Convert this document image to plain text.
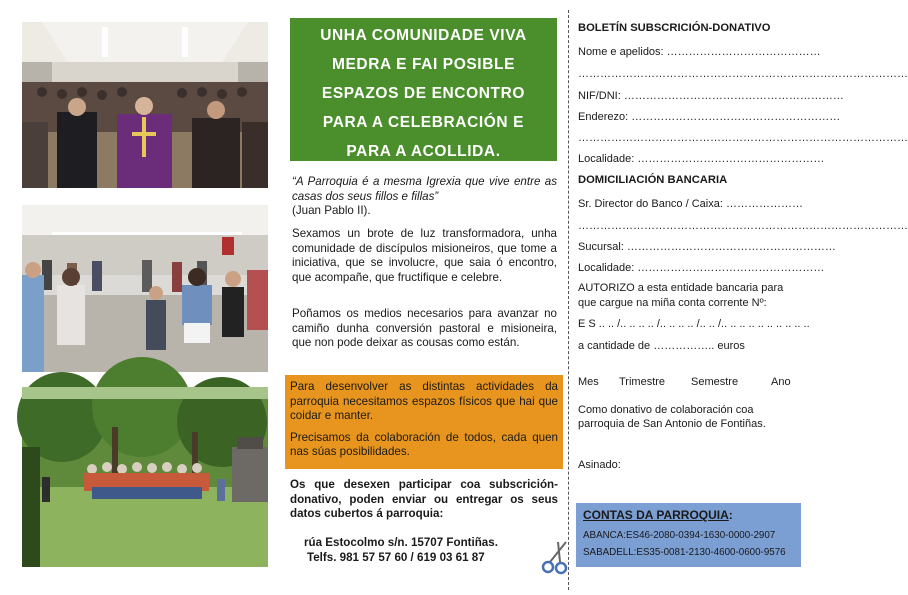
UNHA COMUNIDADE VIVA
MEDRA E FAI POSIBLE
ESPAZOS DE ENCONTRO
PARA A CELEBRACIÓN E
PARA A ACOLLIDA.

“A Parroquia é a mesma Igrexia que vive entre as casas dos seus fillos e fillas”

(Juan Pablo II).

Sexamos un brote de luz transformadora, unha comunidade de discípulos misioneiros, que tome a iniciativa, que se involucre, que saia ó encontro, que acompañe, que fructifique e celebre.

Poñamos os medios necesarios para avanzar no camiño dunha conversión pastoral e misioneira, que non pode deixar as cousas como están.

Para desenvolver as distintas actividades da parroquia necesitamos espazos físicos que hai que coidar e manter.

Precisamos da colaboración de todos, cada quen nas súas posibilidades.

Os que desexen participar coa subscrición-donativo, poden enviar ou entregar os seus datos cubertos á parroquia:

rúa Estocolmo s/n. 15707 Fontiñas.
Telfs. 981 57 57 60 / 619 03 61 87
BOLETÍN SUBSCRICIÓN-DONATIVO
Nome e apelidos: ……………………………………
………………………………………………………………………………
NIF/DNI: ……………………………………………………
Enderezo: …………………………………………………
………………………………………………………………………………
Localidade: ……………………………………………
DOMICILIACIÓN BANCARIA
Sr. Director do Banco / Caixa: …………………
………………………………………………………………………………
Sucursal: …………………………………………………
Localidade: ……………………………………………
AUTORIZO a esta entidade bancaria para
que cargue na miña conta corrente Nº:
E S .. .. /.. .. .. .. /.. .. .. .. /.. .. /.. .. .. .. .. .. .. .. .. ..
a cantidade de …………….. euros
Mes Trimestre Semestre	Ano
Como donativo de colaboración coa
parroquia de San Antonio de Fontiñas.
Asinado:
CONTAS DA PARROQUIA:
ABANCA:ES46-2080-0394-1630-0000-2907
SABADELL:ES35-0081-2130-4600-0600-9576
